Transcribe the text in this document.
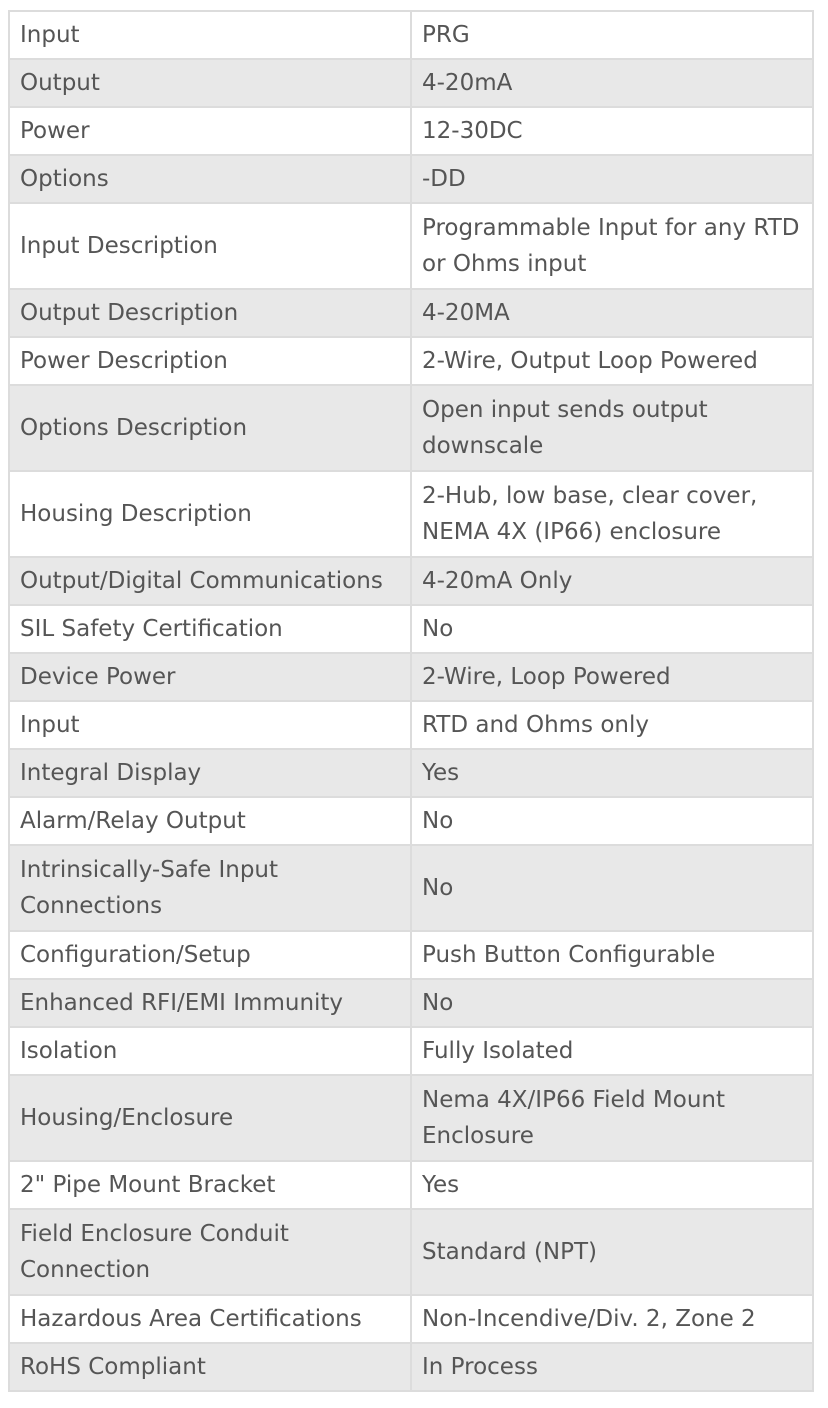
Input	PRG
Output	4-20mA
Power	12-30DC
Options	-DD
Input Description	Programmable Input for any RTD or Ohms input
Output Description	4-20MA
Power Description	2-Wire, Output Loop Powered
Options Description	Open input sends output downscale
Housing Description	2-Hub, low base, clear cover, NEMA 4X (IP66) enclosure
Output/Digital Communications	4-20mA Only
SIL Safety Certification	No
Device Power	2-Wire, Loop Powered
Input	RTD and Ohms only
Integral Display	Yes
Alarm/Relay Output	No
Intrinsically-Safe Input Connections	No
Configuration/Setup	Push Button Configurable
Enhanced RFI/EMI Immunity	No
Isolation	Fully Isolated
Housing/Enclosure	Nema 4X/IP66 Field Mount Enclosure
2" Pipe Mount Bracket	Yes
Field Enclosure Conduit Connection	Standard (NPT)
Hazardous Area Certifications	Non-Incendive/Div. 2, Zone 2
RoHS Compliant	In Process
